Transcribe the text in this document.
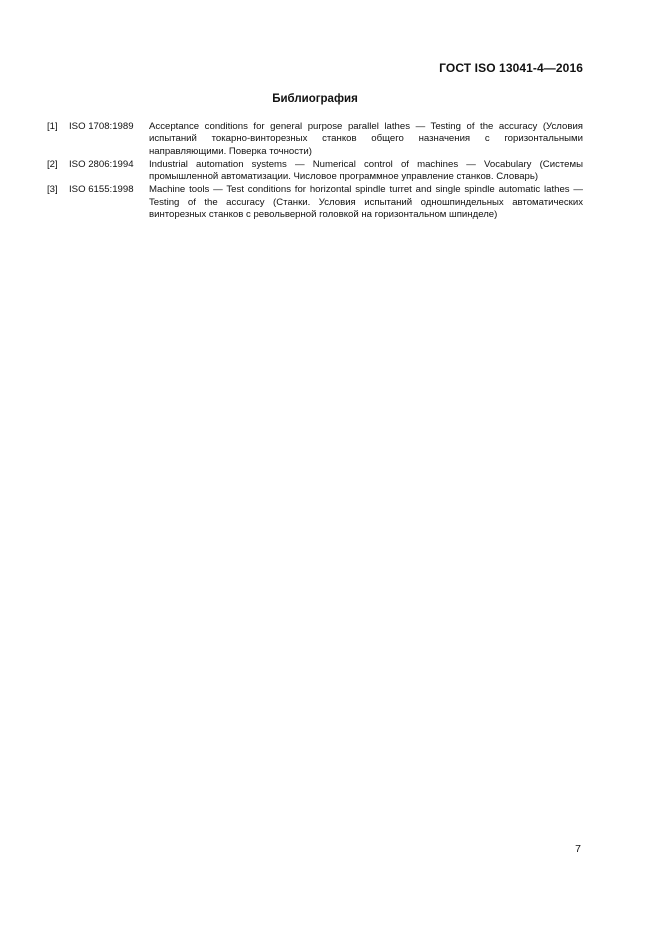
ГОСТ ISO 13041-4—2016
Библиография
[1]	ISO 1708:1989	Acceptance conditions for general purpose parallel lathes — Testing of the accuracy (Условия испытаний токарно-винторезных станков общего назначения с горизонтальными направляющими. Поверка точности)
[2]	ISO 2806:1994	Industrial automation systems — Numerical control of machines — Vocabulary (Системы промышленной автоматизации. Числовое программное управление станков. Словарь)
[3]	ISO 6155:1998	Machine tools — Test conditions for horizontal spindle turret and single spindle automatic lathes — Testing of the accuracy (Станки. Условия испытаний одношпиндельных автоматических винторезных станков с револьверной головкой на горизонтальном шпинделе)
7
